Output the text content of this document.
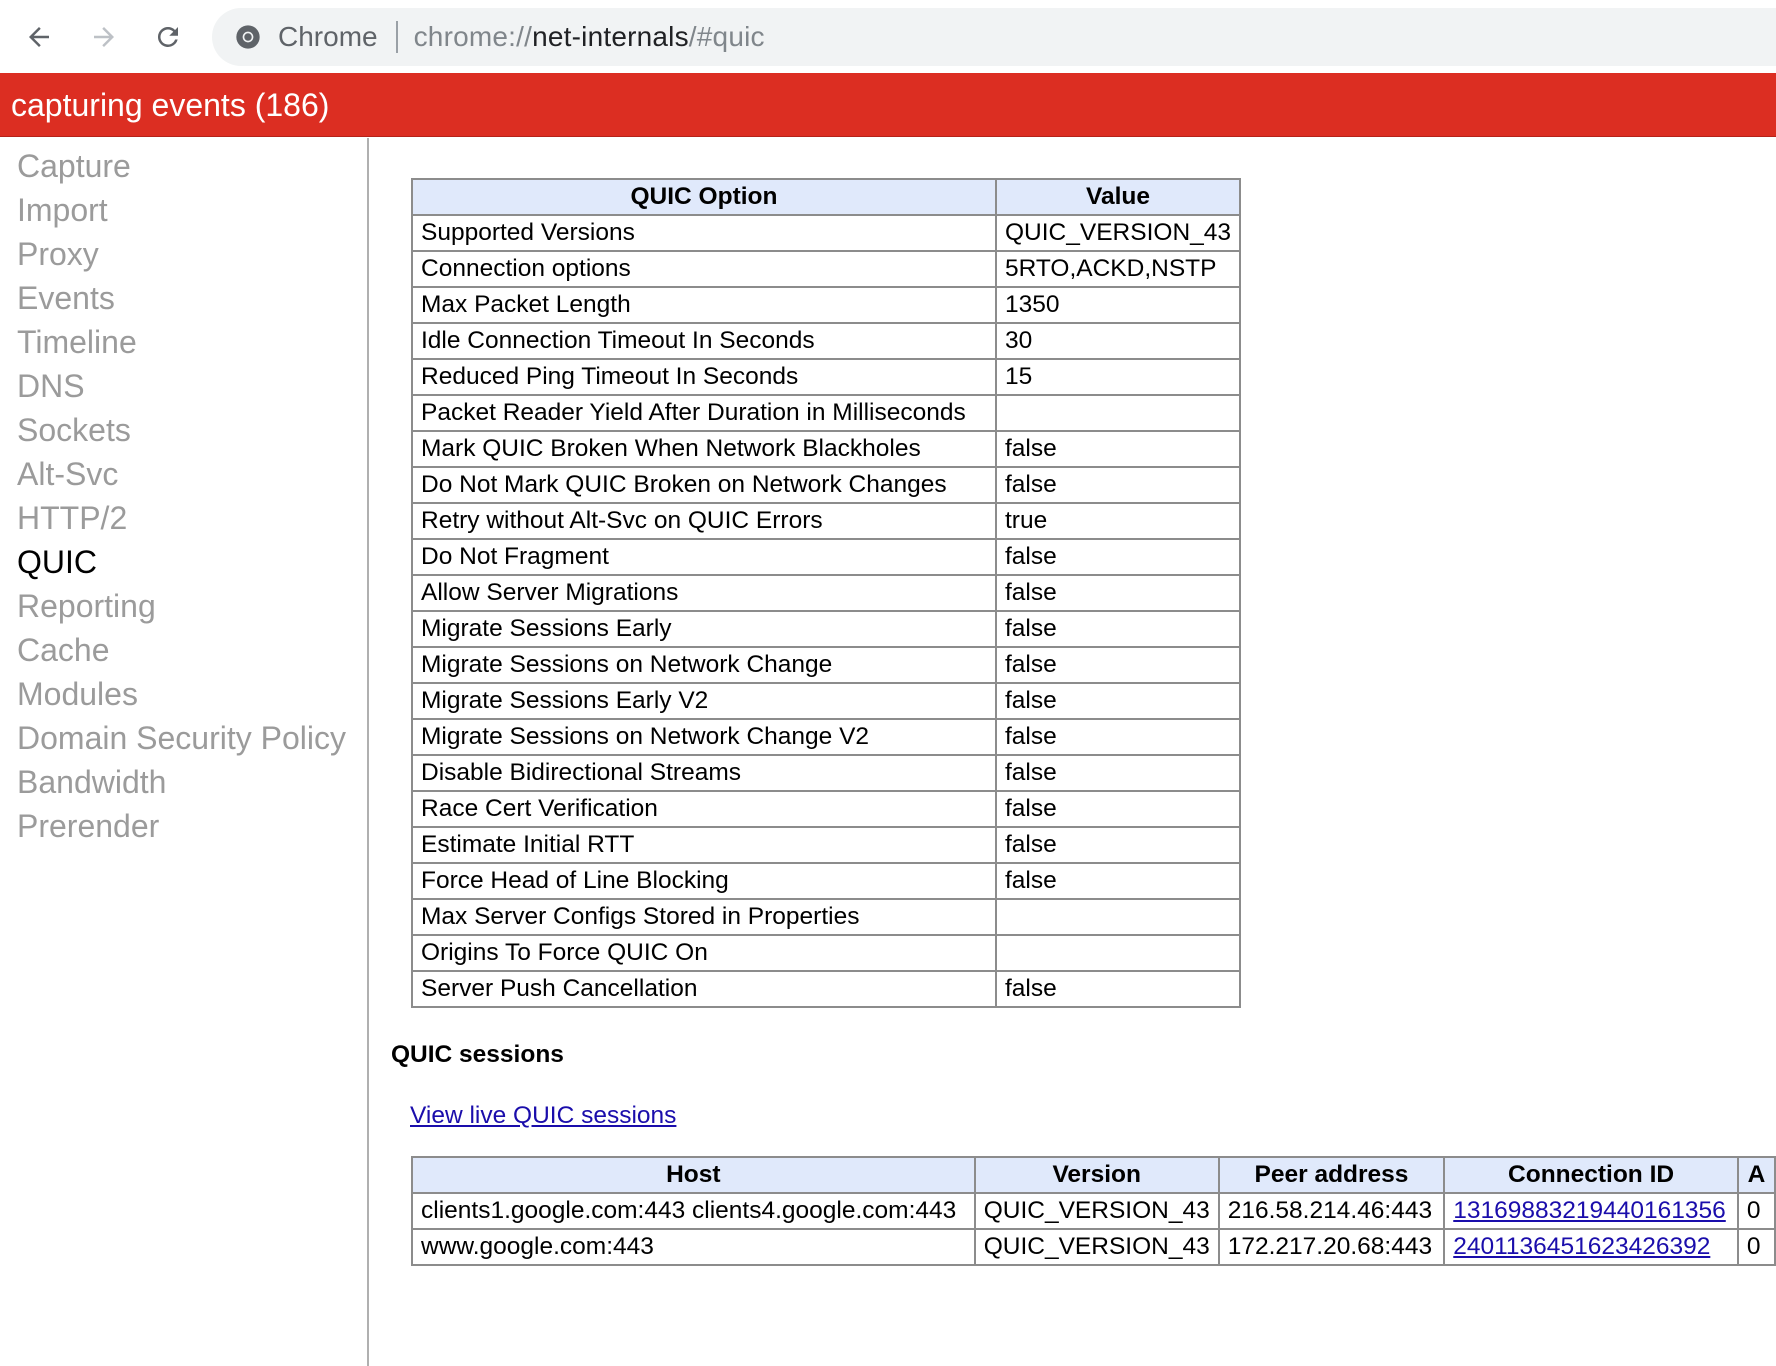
Chrome chrome://net-internals/#quic
capturing events (186)
Capture
Import
Proxy
Events
Timeline
DNS
Sockets
Alt-Svc
HTTP/2
QUIC
Reporting
Cache
Modules
Domain Security Policy
Bandwidth
Prerender
QUIC Option	Value
Supported Versions	QUIC_VERSION_43
Connection options	5RTO,ACKD,NSTP
Max Packet Length	1350
Idle Connection Timeout In Seconds	30
Reduced Ping Timeout In Seconds	15
Packet Reader Yield After Duration in Milliseconds	
Mark QUIC Broken When Network Blackholes	false
Do Not Mark QUIC Broken on Network Changes	false
Retry without Alt-Svc on QUIC Errors	true
Do Not Fragment	false
Allow Server Migrations	false
Migrate Sessions Early	false
Migrate Sessions on Network Change	false
Migrate Sessions Early V2	false
Migrate Sessions on Network Change V2	false
Disable Bidirectional Streams	false
Race Cert Verification	false
Estimate Initial RTT	false
Force Head of Line Blocking	false
Max Server Configs Stored in Properties	
Origins To Force QUIC On	
Server Push Cancellation	false
QUIC sessions
View live QUIC sessions
Host	Version	Peer address	Connection ID	A
clients1.google.com:443 clients4.google.com:443	QUIC_VERSION_43	216.58.214.46:443	13169883219440161356	0
www.google.com:443	QUIC_VERSION_43	172.217.20.68:443	2401136451623426392	0
